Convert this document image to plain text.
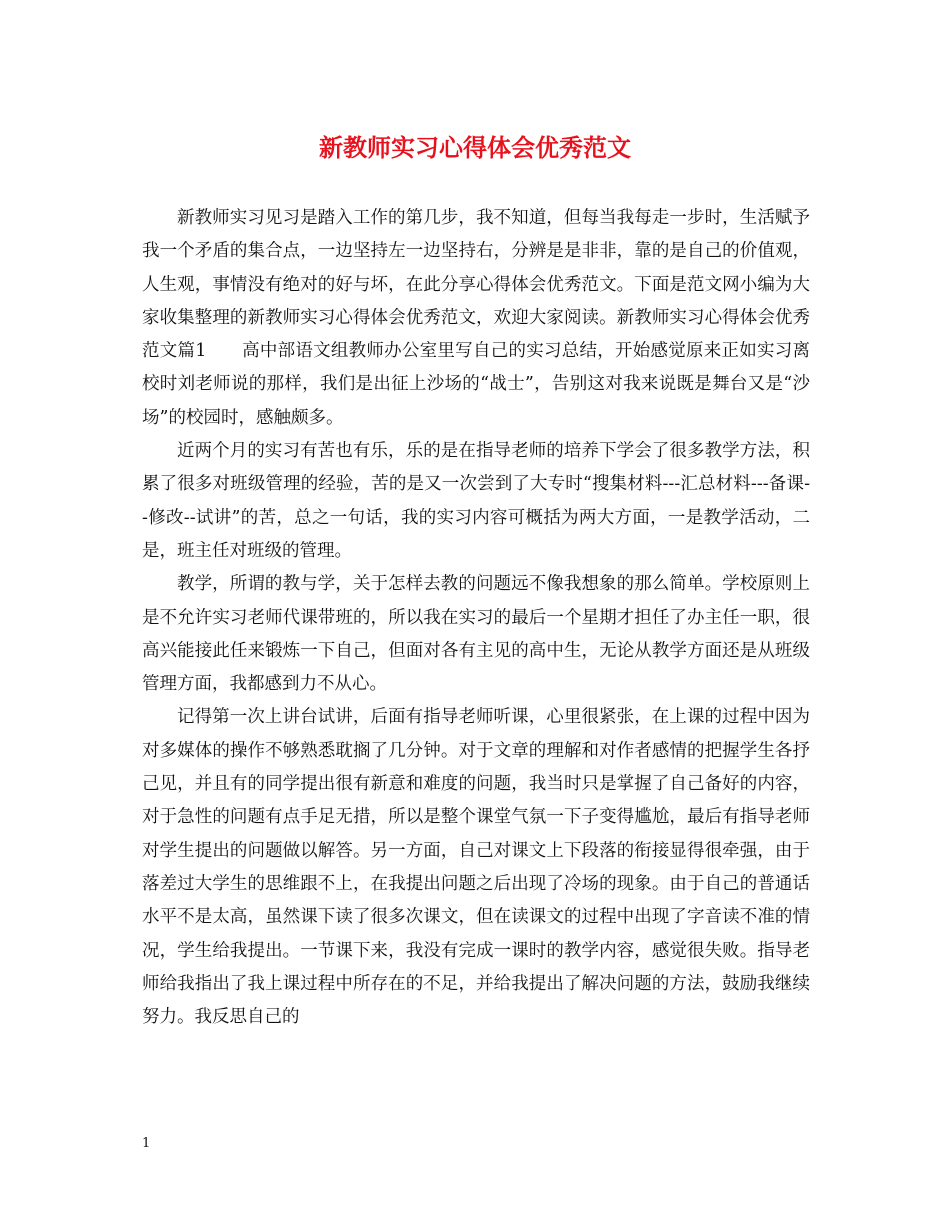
新教师实习心得体会优秀范文

新教师实习见习是踏入工作的第几步，我不知道，但每当我每走一步时，生活赋予我一个矛盾的集合点，一边坚持左一边坚持右，分辨是是非非，靠的是自己的价值观，人生观，事情没有绝对的好与坏，在此分享心得体会优秀范文。下面是范文网小编为大家收集整理的新教师实习心得体会优秀范文，欢迎大家阅读。新教师实习心得体会优秀范文篇1　　高中部语文组教师办公室里写自己的实习总结，开始感觉原来正如实习离校时刘老师说的那样，我们是出征上沙场的“战士”，告别这对我来说既是舞台又是“沙场”的校园时，感触颇多。

近两个月的实习有苦也有乐，乐的是在指导老师的培养下学会了很多教学方法，积累了很多对班级管理的经验，苦的是又一次尝到了大专时“搜集材料---汇总材料---备课--修改--试讲”的苦，总之一句话，我的实习内容可概括为两大方面，一是教学活动，二是，班主任对班级的管理。

教学，所谓的教与学，关于怎样去教的问题远不像我想象的那么简单。学校原则上是不允许实习老师代课带班的，所以我在实习的最后一个星期才担任了办主任一职，很高兴能接此任来锻炼一下自己，但面对各有主见的高中生，无论从教学方面还是从班级管理方面，我都感到力不从心。

记得第一次上讲台试讲，后面有指导老师听课，心里很紧张，在上课的过程中因为对多媒体的操作不够熟悉耽搁了几分钟。对于文章的理解和对作者感情的把握学生各抒己见，并且有的同学提出很有新意和难度的问题，我当时只是掌握了自己备好的内容，对于急性的问题有点手足无措，所以是整个课堂气氛一下子变得尴尬，最后有指导老师对学生提出的问题做以解答。另一方面，自己对课文上下段落的衔接显得很牵强，由于落差过大学生的思维跟不上，在我提出问题之后出现了冷场的现象。由于自己的普通话水平不是太高，虽然课下读了很多次课文，但在读课文的过程中出现了字音读不准的情况，学生给我提出。一节课下来，我没有完成一课时的教学内容，感觉很失败。指导老师给我指出了我上课过程中所存在的不足，并给我提出了解决问题的方法，鼓励我继续努力。我反思自己的

1
